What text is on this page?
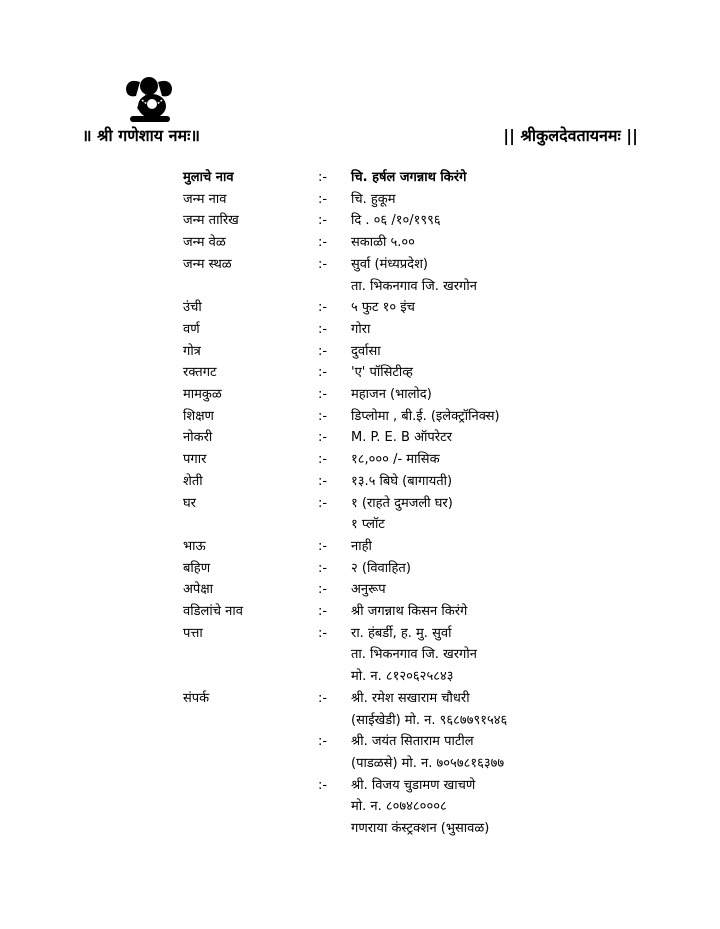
॥ श्री गणेशाय नमः॥	|| श्रीकुलदेवतायनमः ||
मुलाचे नाव	:- चि. हर्षल जगन्नाथ किरंगे
जन्म नाव	:- चि. हुकूम
जन्म तारिख	:- दि . ०६ /१०/१९९६
जन्म वेळ	:- सकाळी ५.००
जन्म स्थळ	:- सुर्वा (मंध्यप्रदेश)
ता. भिकनगाव जि. खरगोन
उंची	:- ५ फुट १० इंच
वर्ण	:- गोरा
गोत्र	:- दुर्वासा
रक्तगट	:- 'ए' पॉसिटीव्ह
मामकुळ	:- महाजन (भालोद)
शिक्षण	:- डिप्लोमा , बी.ई. (इलेक्ट्रॉनिक्स)
नोकरी	:- M. P. E. B ऑपरेटर
पगार	:- १८,००० /- मासिक
शेती	:- १३.५ बिघे (बागायती)
घर	:- १ (राहते दुमजली घर)
१ प्लॉट
भाऊ	:- नाही
बहिण	:- २ (विवाहित)
अपेक्षा	:- अनुरूप
वडिलांचे नाव	:- श्री जगन्नाथ किसन किरंगे
पत्ता	:- रा. हंबर्डी, ह. मु. सुर्वा
ता. भिकनगाव जि. खरगोन
मो. न. ८१२०६२५८४३
संपर्क	:- श्री. रमेश सखाराम चौधरी
(साईखेडी) मो. न. ९६८७७९१५४६
:- श्री. जयंत सिताराम पाटील
(पाडळसे) मो. न. ७०५७८१६३७७
:- श्री. विजय चुडामण खाचणे
मो. न. ८०७४८०००८
गणराया कंस्ट्रक्शन (भुसावळ)
